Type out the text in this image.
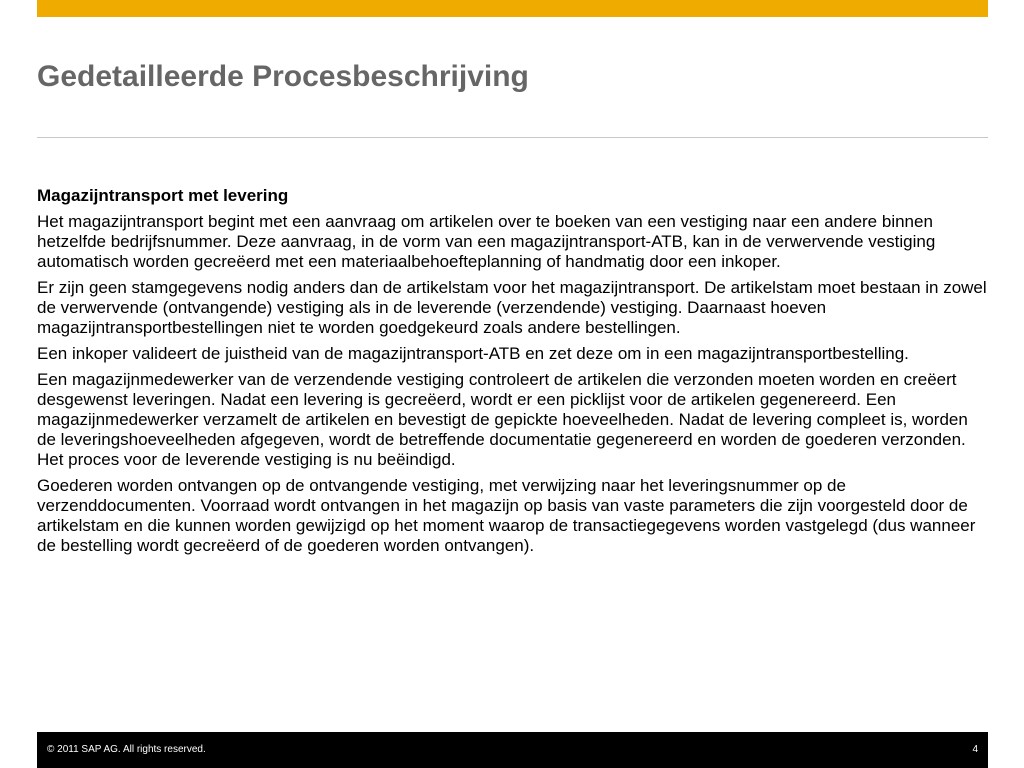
Gedetailleerde Procesbeschrijving

Magazijntransport met levering

Het magazijntransport begint met een aanvraag om artikelen over te boeken van een vestiging naar een andere binnen hetzelfde bedrijfsnummer. Deze aanvraag, in de vorm van een magazijntransport-ATB, kan in de verwervende vestiging automatisch worden gecreëerd met een materiaalbehoefteplanning of handmatig door een inkoper.

Er zijn geen stamgegevens nodig anders dan de artikelstam voor het magazijntransport. De artikelstam moet bestaan in zowel de verwervende (ontvangende) vestiging als in de leverende (verzendende) vestiging. Daarnaast hoeven magazijntransportbestellingen niet te worden goedgekeurd zoals andere bestellingen.

Een inkoper valideert de juistheid van de magazijntransport-ATB en zet deze om in een magazijntransportbestelling.

Een magazijnmedewerker van de verzendende vestiging controleert de artikelen die verzonden moeten worden en creëert desgewenst leveringen. Nadat een levering is gecreëerd, wordt er een picklijst voor de artikelen gegenereerd. Een magazijnmedewerker verzamelt de artikelen en bevestigt de gepickte hoeveelheden. Nadat de levering compleet is, worden de leveringshoeveelheden afgegeven, wordt de betreffende documentatie gegenereerd en worden de goederen verzonden. Het proces voor de leverende vestiging is nu beëindigd.

Goederen worden ontvangen op de ontvangende vestiging, met verwijzing naar het leveringsnummer op de verzenddocumenten. Voorraad wordt ontvangen in het magazijn op basis van vaste parameters die zijn voorgesteld door de artikelstam en die kunnen worden gewijzigd op het moment waarop de transactiegegevens worden vastgelegd (dus wanneer de bestelling wordt gecreëerd of de goederen worden ontvangen).

© 2011 SAP AG. All rights reserved.	4
